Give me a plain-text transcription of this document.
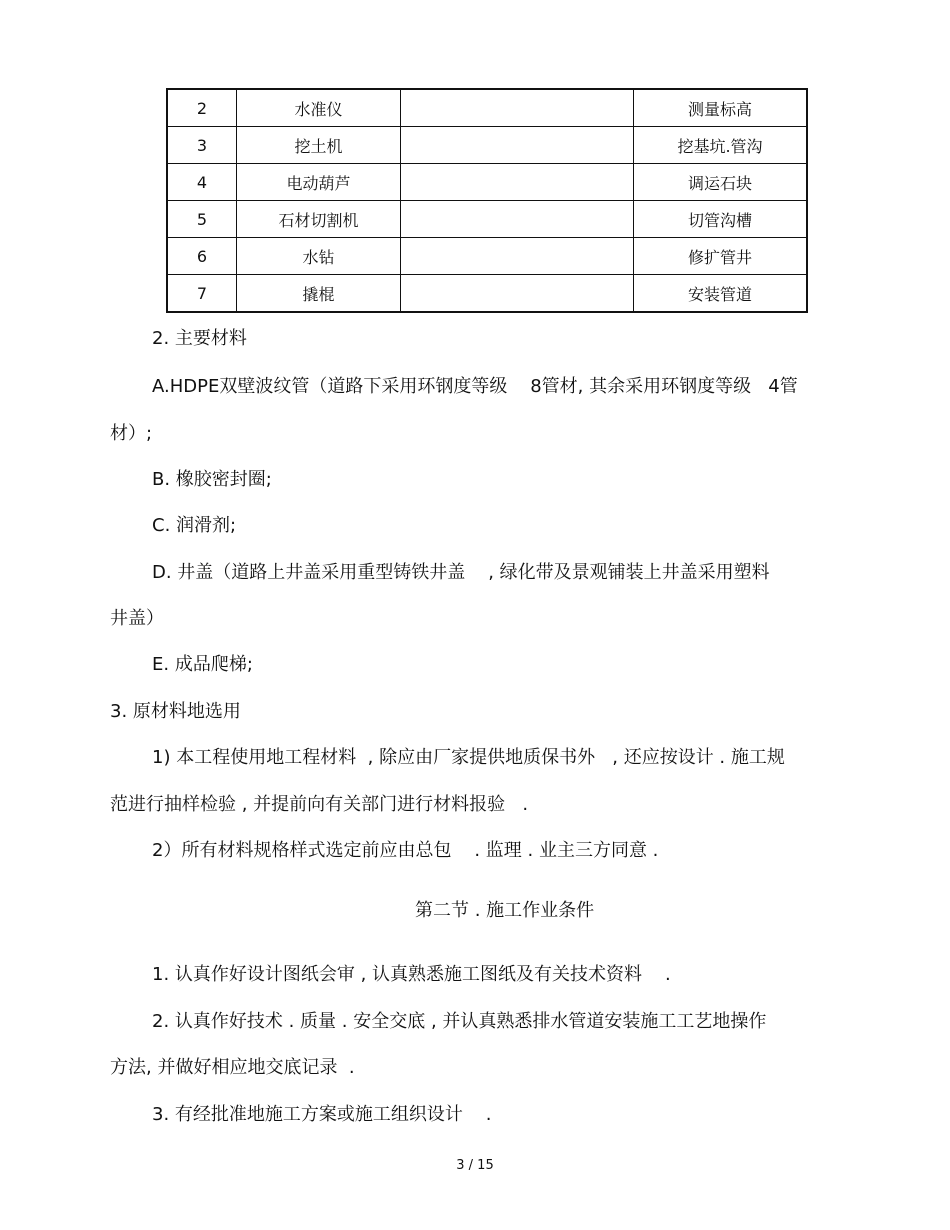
2	水准仪		测量标高
3	挖土机		挖基坑.管沟
4	电动葫芦		调运石块
5	石材切割机		切管沟槽
6	水钻		修扩管井
7	撬棍		安装管道
2. 主要材料
A.HDPE双壁波纹管（道路下采用环钢度等级    8管材, 其余采用环钢度等级   4管
材）;
B. 橡胶密封圈;
C. 润滑剂;
D. 井盖（道路上井盖采用重型铸铁井盖    , 绿化带及景观铺装上井盖采用塑料
井盖）
E. 成品爬梯;
3. 原材料地选用
1) 本工程使用地工程材料  , 除应由厂家提供地质保书外   , 还应按设计 . 施工规
范进行抽样检验 , 并提前向有关部门进行材料报验   .
2）所有材料规格样式选定前应由总包    . 监理 . 业主三方同意 .
第二节 . 施工作业条件
1. 认真作好设计图纸会审 , 认真熟悉施工图纸及有关技术资料    .
2. 认真作好技术 . 质量 . 安全交底 , 并认真熟悉排水管道安装施工工艺地操作
方法, 并做好相应地交底记录  .
3. 有经批准地施工方案或施工组织设计    .
3 / 15
